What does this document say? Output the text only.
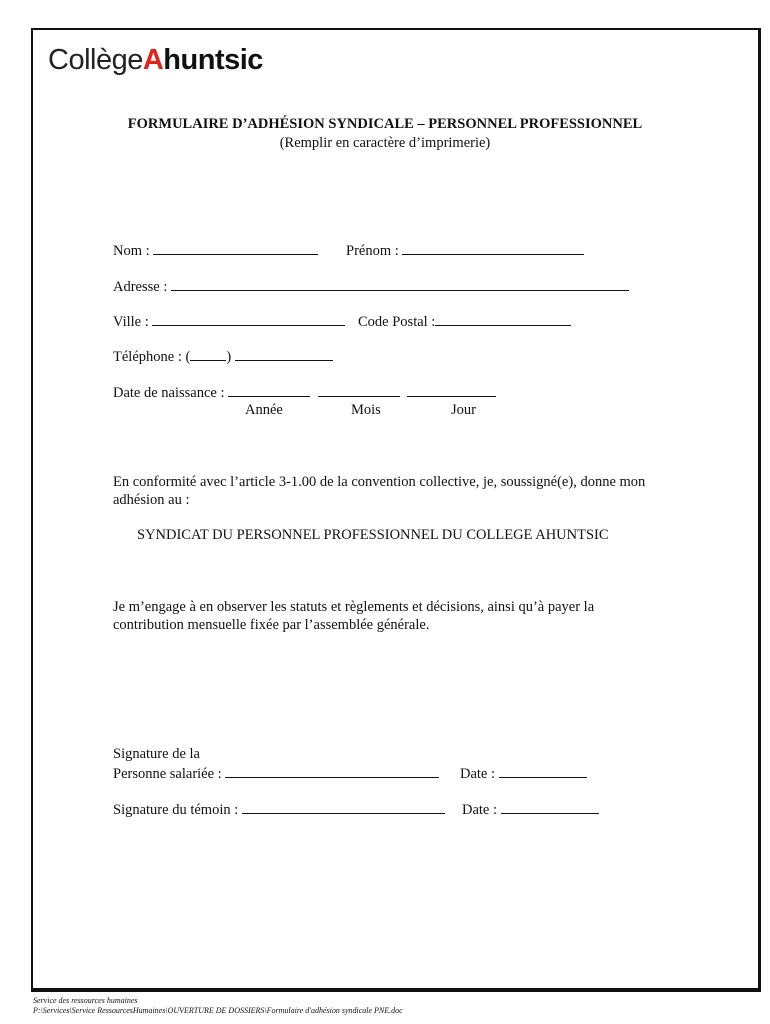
CollègeAhuntsic
FORMULAIRE D’ADHÉSION SYNDICALE – PERSONNEL PROFESSIONNEL
(Remplir en caractère d’imprimerie)
Nom :	Prénom :
Adresse :
Ville :	Code Postal :
Téléphone : ( )
Date de naissance :
Année	Mois	Jour
En conformité avec l’article 3-1.00 de la convention collective, je, soussigné(e), donne mon adhésion au :
SYNDICAT DU PERSONNEL PROFESSIONNEL DU COLLEGE AHUNTSIC
Je m’engage à en observer les statuts et règlements et décisions, ainsi qu’à payer la contribution mensuelle fixée par l’assemblée générale.
Signature de la
Personne salariée :	Date :
Signature du témoin :	Date :
Service des ressources humaines
P:\Services\Service RessourcesHumaines\OUVERTURE DE DOSSIERS\Formulaire d'adhésion syndicale PNE.doc
